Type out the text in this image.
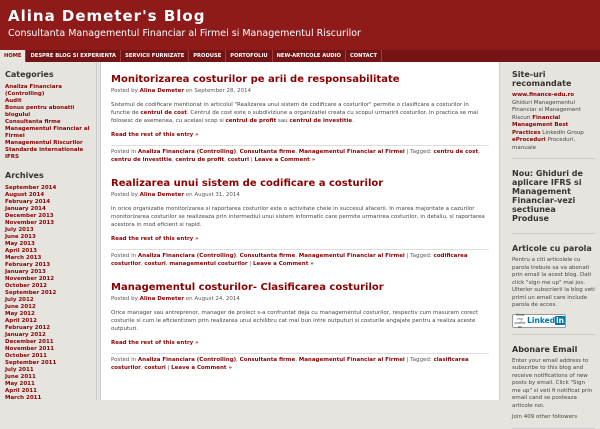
Alina Demeter's Blog
Consultanta Managementul Financiar al Firmei si Managementul Riscurilor
HOME	DESPRE BLOG SI EXPERIENTA	SERVICII FURNIZATE	PRODUSE	PORTOFOLIU	NEW-ARTICOLE AUDIO	CONTACT
Categories
Analiza Financiara (Controlling)
Audit
Bonus pentru abonatii blogului
Consultanta firme
Managementul Financiar al Firmei
Managementul Riscurilor
Standarde internationale IFRS
Archives
September 2014
August 2014
February 2014
January 2014
December 2013
November 2013
July 2013
June 2013
May 2013
April 2013
March 2013
February 2013
January 2013
November 2012
October 2012
September 2012
July 2012
June 2012
May 2012
April 2012
February 2012
January 2012
December 2011
November 2011
October 2011
September 2011
July 2011
June 2011
May 2011
April 2011
March 2011
Monitorizarea costurilor pe arii de responsabilitate
Posted by Alina Demeter on September 28, 2014
Sistemul de codificare mentionat in articolul "Realizarea unui sistem de codificare a costurilor" permite o clasificare a costurilor in functie de centrul de cost. Centrul de cost este o subdiviziune a organizatiei creata cu scopul urmaririi costurilor. In practica se mai folosesc de asemenea, cu acelasi scop si centrul de profit sau centrul de investitie.
Read the rest of this entry »
Posted in Analiza Financiara (Controlling), Consultanta firme, Managementul Financiar al Firmei | Tagged: centru de cost, centru de investitie, centru de profit, costuri | Leave a Comment »
Realizarea unui sistem de codificare a costurilor
Posted by Alina Demeter on August 31, 2014
In orice organizatie monitorizarea si raportarea costurilor este o activitate cheie in succesul afacerii. In marea majoritate a cazurilor monitorizarea costurilor se realizeaza prin intermediul unui sistem informatic care permite urmarirea costurilor, in detaliu, si raportarea acestora in mod eficient si rapid.
Read the rest of this entry »
Posted in Analiza Financiara (Controlling), Consultanta firme, Managementul Financiar al Firmei | Tagged: codificarea costurilor, costuri, managementul costurilor | Leave a Comment »
Managementul costurilor- Clasificarea costurilor
Posted by Alina Demeter on August 24, 2014
Orice manager sau antreprenor, manager de proiect s-a confruntat deja cu managementul costurilor, respectiv cum masuram corect costurile si cum le eficientizam prin realizarea unui echilibru cat mai bun intre outputuri si costurile angajate pentru a realiza aceste outputuri.
Read the rest of this entry »
Posted in Analiza Financiara (Controlling), Consultanta firme, Managementul Financiar al Firmei | Tagged: clasificarea costurilor, costuri | Leave a Comment »
Site-uri recomandate
www.finance-edu.ro Ghiduri Managementul Financiar si Management Riscuri Financial Management Best Practices LinkedIn Group eProceduri Proceduri, manuale
Nou: Ghiduri de aplicare IFRS si Management Financiar-vezi sectiunea Produse
Articole cu parola
Pentru a citi articolele cu parola trebuie sa va abonati prin email la acest blog. Dati click "sign me up" mai jos. Ulterior subscrierii la blog veti primi un email care include parola de acces.
View my profile on
Linkedin
Abonare Email
Enter your email address to subscribe to this blog and receive notifications of new posts by email. Click "Sign me up" si veti fi notificat prin email cand se posteaza articole noi.
Join 409 other followers
